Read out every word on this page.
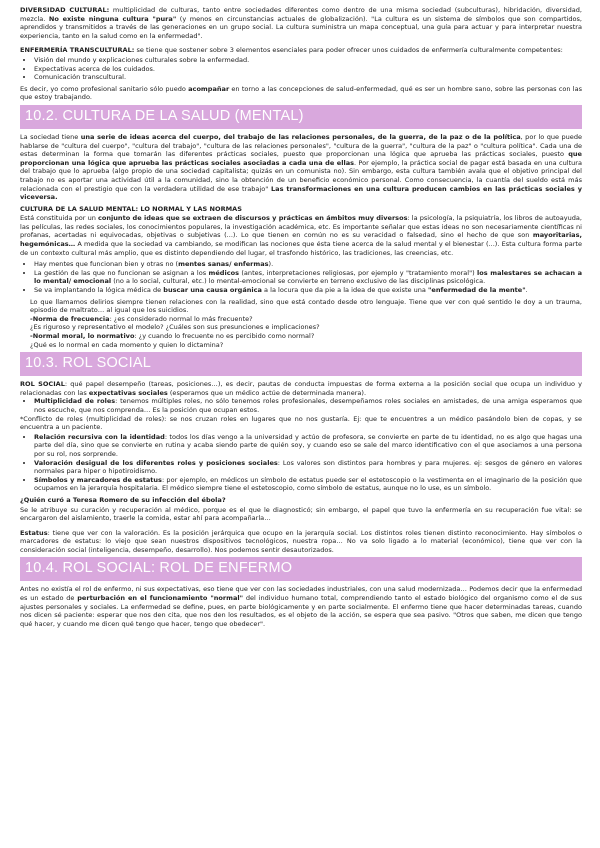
DIVERSIDAD CULTURAL: multiplicidad de culturas, tanto entre sociedades diferentes como dentro de una misma sociedad (subculturas), hibridación, diversidad, mezcla. No existe ninguna cultura "pura" (y menos en circunstancias actuales de globalización). "La cultura es un sistema de símbolos que son compartidos, aprendidos y transmitidos a través de las generaciones en un grupo social. La cultura suministra un mapa conceptual, una guía para actuar y para interpretar nuestra experiencia, tanto en la salud como en la enfermedad".

ENFERMERÍA TRANSCULTURAL: se tiene que sostener sobre 3 elementos esenciales para poder ofrecer unos cuidados de enfermería culturalmente competentes:

• Visión del mundo y explicaciones culturales sobre la enfermedad.
• Expectativas acerca de los cuidados.
• Comunicación transcultural.

Es decir, yo como profesional sanitario sólo puedo acompañar en torno a las concepciones de salud-enfermedad, qué es ser un hombre sano, sobre las personas con las que estoy trabajando.

10.2. CULTURA DE LA SALUD (MENTAL)

La sociedad tiene una serie de ideas acerca del cuerpo, del trabajo de las relaciones personales, de la guerra, de la paz o de la política, por lo que puede hablarse de "cultura del cuerpo", "cultura del trabajo", "cultura de las relaciones personales", "cultura de la guerra", "cultura de la paz" o "cultura política". Cada una de estas determinan la forma que tomarán las diferentes prácticas sociales, puesto que proporcionan una lógica que aprueba las prácticas sociales, puesto que proporcionan una lógica que aprueba las prácticas sociales asociadas a cada una de ellas. Por ejemplo, la práctica social de pagar está basada en una cultura del trabajo que lo aprueba (algo propio de una sociedad capitalista; quizás en un comunista no). Sin embargo, esta cultura también avala que el objetivo principal del trabajo no es aportar una actividad útil a la comunidad, sino la obtención de un beneficio económico personal. Como consecuencia, la cuantía del sueldo está más relacionada con el prestigio que con la verdadera utilidad de ese trabajo" Las transformaciones en una cultura producen cambios en las prácticas sociales y viceversa.

CULTURA DE LA SALUD MENTAL: LO NORMAL Y LAS NORMAS

Está constituida por un conjunto de ideas que se extraen de discursos y prácticas en ámbitos muy diversos: la psicología, la psiquiatría, los libros de autoayuda, las películas, las redes sociales, los conocimientos populares, la investigación académica, etc. Es importante señalar que estas ideas no son necesariamente científicas ni profanas, acertadas ni equivocadas, objetivas o subjetivas (...). Lo que tienen en común no es su veracidad o falsedad, sino el hecho de que son mayoritarias, hegemónicas… A medida que la sociedad va cambiando, se modifican las nociones que ésta tiene acerca de la salud mental y el bienestar (...). Esta cultura forma parte de un contexto cultural más amplio, que es distinto dependiendo del lugar, el trasfondo histórico, las tradiciones, las creencias, etc.

• Hay mentes que funcionan bien y otras no (mentes sanas/ enfermas).
• La gestión de las que no funcionan se asignan a los médicos (antes, interpretaciones religiosas, por ejemplo y "tratamiento moral") los malestares se achacan a lo mental/ emocional (no a lo social, cultural, etc.) lo mental-emocional se convierte en terreno exclusivo de las disciplinas psicológica.
• Se va implantando la lógica médica de buscar una causa orgánica a la locura que da pie a la idea de que existe una "enfermedad de la mente".

Lo que llamamos delirios siempre tienen relaciones con la realidad, sino que está contado desde otro lenguaje. Tiene que ver con qué sentido le doy a un trauma, episodio de maltrato… al igual que los suicidios.

-Norma de frecuencia: ¿es considerado normal lo más frecuente?
¿Es riguroso y representativo el modelo? ¿Cuáles son sus presunciones e implicaciones?
-Normal moral, lo normativo: ¿y cuando lo frecuente no es percibido como normal?
¿Qué es lo normal en cada momento y quien lo dictamina?
10.3. ROL SOCIAL

ROL SOCIAL: qué papel desempeño (tareas, posiciones…), es decir, pautas de conducta impuestas de forma externa a la posición social que ocupa un individuo y relacionadas con las expectativas sociales (esperamos que un médico actúe de determinada manera).

• Multiplicidad de roles: tenemos múltiples roles, no sólo tenemos roles profesionales, desempeñamos roles sociales en amistades, de una amiga esperamos que nos escuche, que nos comprenda… Es la posición que ocupan estos.

*Conflicto de roles (multiplicidad de roles): se nos cruzan roles en lugares que no nos gustaría. Ej: que te encuentres a un médico pasándolo bien de copas, y se encuentra a un paciente.

• Relación recursiva con la identidad: todos los días vengo a la universidad y actúo de profesora, se convierte en parte de tu identidad, no es algo que hagas una parte del día, sino que se convierte en rutina y acaba siendo parte de quién soy, y cuando eso se sale del marco identificativo con el que asociamos a una persona por su rol, nos sorprende.
• Valoración desigual de los diferentes roles y posiciones sociales: Los valores son distintos para hombres y para mujeres. ej: sesgos de género en valores normales para hiper o hipotiroidismo.
• Símbolos y marcadores de estatus: por ejemplo, en médicos un símbolo de estatus puede ser el estetoscopio o la vestimenta en el imaginario de la posición que ocupamos en la jerarquía hospitalaria. El médico siempre tiene el estetoscopio, como símbolo de estatus, aunque no lo use, es un símbolo.
¿Quién curó a Teresa Romero de su infección del ébola?

Se le atribuye su curación y recuperación al médico, porque es el que le diagnosticó; sin embargo, el papel que tuvo la enfermería en su recuperación fue vital: se encargaron del aislamiento, traerle la comida, estar ahí para acompañarla…

Estatus: tiene que ver con la valoración. Es la posición jerárquica que ocupo en la jerarquía social. Los distintos roles tienen distinto reconocimiento. Hay símbolos o marcadores de estatus: lo viejo que sean nuestros dispositivos tecnológicos, nuestra ropa… No va solo ligado a lo material (económico), tiene que ver con la consideración social (inteligencia, desempeño, desarrollo). Nos podemos sentir desautorizados.

10.4. ROL SOCIAL: ROL DE ENFERMO

Antes no existía el rol de enfermo, ni sus expectativas, eso tiene que ver con las sociedades industriales, con una salud modernizada… Podemos decir que la enfermedad es un estado de perturbación en el funcionamiento "normal" del individuo humano total, comprendiendo tanto el estado biológico del organismo como el de sus ajustes personales y sociales. La enfermedad se define, pues, en parte biológicamente y en parte socialmente. El enfermo tiene que hacer determinadas tareas, cuando nos dicen sé paciente: esperar que nos den cita, que nos den los resultados, es el objeto de la acción, se espera que sea pasivo. "Otros que saben, me dicen que tengo qué hacer, y cuando me dicen qué tengo que hacer, tengo que obedecer".
